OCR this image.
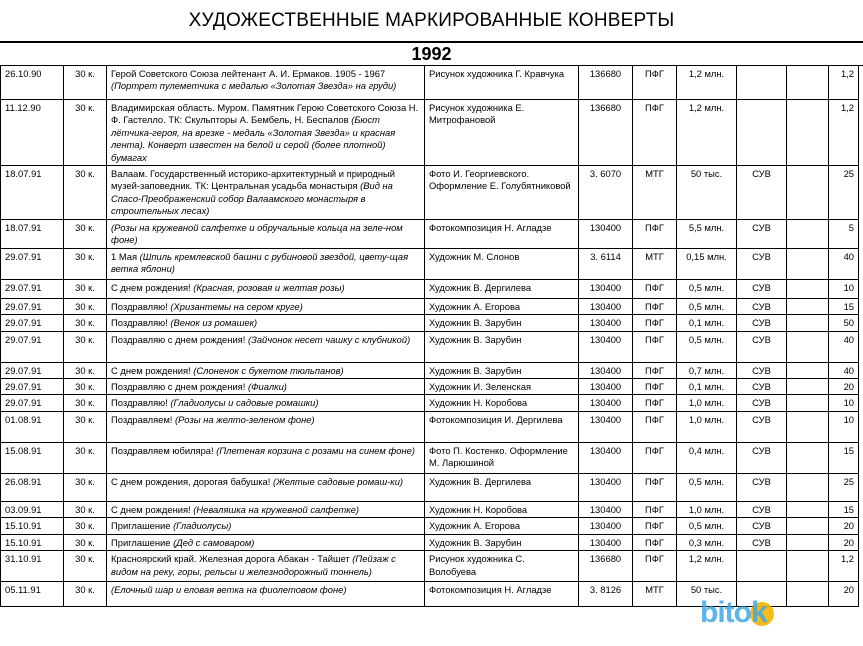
ХУДОЖЕСТВЕННЫЕ МАРКИРОВАННЫЕ КОНВЕРТЫ
1992
26.10.90	30 к.	Герой Советского Союза лейтенант А. И. Ермаков. 1905 - 1967 (Портрет пулеметчика с медалью «Золотая Звезда» на груди)	Рисунок художника Г. Кравчука	136680	ПФГ	1,2 млн.			1,2
11.12.90	30 к.	Владимирская область. Муром. Памятник Герою Советского Союза Н. Ф. Гастелло. ТК: Скульпторы А. Бембель, Н. Беспалов (Бюст лётчика-героя, на врезке - медаль «Золотая Звезда» и красная лента). Конверт известен на белой и серой (более плотной) бумагах	Рисунок художника Е. Митрофановой	136680	ПФГ	1,2 млн.			1,2
18.07.91	30 к.	Валаам. Государственный историко-архитектурный и природный музей-заповедник. ТК: Центральная усадьба монастыря (Вид на Спасо-Преображенский собор Валаамского монастыря в строительных лесах)	Фото И. Георгиевского. Оформление Е. Голубятниковой	3. 6070	МТГ	50 тыс.	СУВ		25
18.07.91	30 к.	(Розы на кружевной салфетке и обручальные кольца на зеле-ном фоне)	Фотокомпозиция Н. Агладзе	130400	ПФГ	5,5 млн.	СУВ		5
29.07.91	30 к.	1 Мая (Шпиль кремлевской башни с рубиновой звездой, цвету-щая ветка яблони)	Художник М. Слонов	3. 6114	МТГ	0,15 млн.	СУВ		40
29.07.91	30 к.	С днем рождения! (Красная, розовая и желтая розы)	Художник В. Дергилева	130400	ПФГ	0,5 млн.	СУВ		10
29.07.91	30 к.	Поздравляю! (Хризантемы на сером круге)	Художник А. Егорова	130400	ПФГ	0,5 млн.	СУВ		15
29.07.91	30 к.	Поздравляю! (Венок из ромашек)	Художник В. Зарубин	130400	ПФГ	0,1 млн.	СУВ		50
29.07.91	30 к.	Поздравляю с днем рождения! (Зайчонок несет чашку с клубникой)	Художник В. Зарубин	130400	ПФГ	0,5 млн.	СУВ		40
29.07.91	30 к.	С днем рождения! (Слоненок с букетом тюльпанов)	Художник В. Зарубин	130400	ПФГ	0,7 млн.	СУВ		40
29.07.91	30 к.	Поздравляю с днем рождения! (Фиалки)	Художник И. Зеленская	130400	ПФГ	0,1 млн.	СУВ		20
29.07.91	30 к.	Поздравляю! (Гладиолусы и садовые ромашки)	Художник Н. Коробова	130400	ПФГ	1,0 млн.	СУВ		10
01.08.91	30 к.	Поздравляем! (Розы на желто-зеленом фоне)	Фотокомпозиция И. Дергилева	130400	ПФГ	1,0 млн.	СУВ		10
15.08.91	30 к.	Поздравляем юбиляра! (Плетеная корзина с розами на синем фоне)	Фото П. Костенко. Оформление М. Ларюшиной	130400	ПФГ	0,4 млн.	СУВ		15
26.08.91	30 к.	С днем рождения, дорогая бабушка! (Желтые садовые ромаш-ки)	Художник В. Дергилева	130400	ПФГ	0,5 млн.	СУВ		25
03.09.91	30 к.	С днем рождения! (Неваляшка на кружевной салфетке)	Художник Н. Коробова	130400	ПФГ	1,0 млн.	СУВ		15
15.10.91	30 к.	Приглашение (Гладиолусы)	Художник А. Егорова	130400	ПФГ	0,5 млн.	СУВ		20
15.10.91	30 к.	Приглашение (Дед с самоваром)	Художник В. Зарубин	130400	ПФГ	0,3 млн.	СУВ		20
31.10.91	30 к.	Красноярский край. Железная дорога Абакан - Тайшет (Пейзаж с видом на реку, горы, рельсы и железнодорожный тоннель)	Рисунок художника С. Волобуева	136680	ПФГ	1,2 млн.			1,2
05.11.91	30 к.	(Елочный шар и еловая ветка на фиолетовом фоне)	Фотокомпозиция Н. Агладзе	3. 8126	МТГ	50 тыс.			20
bitok
